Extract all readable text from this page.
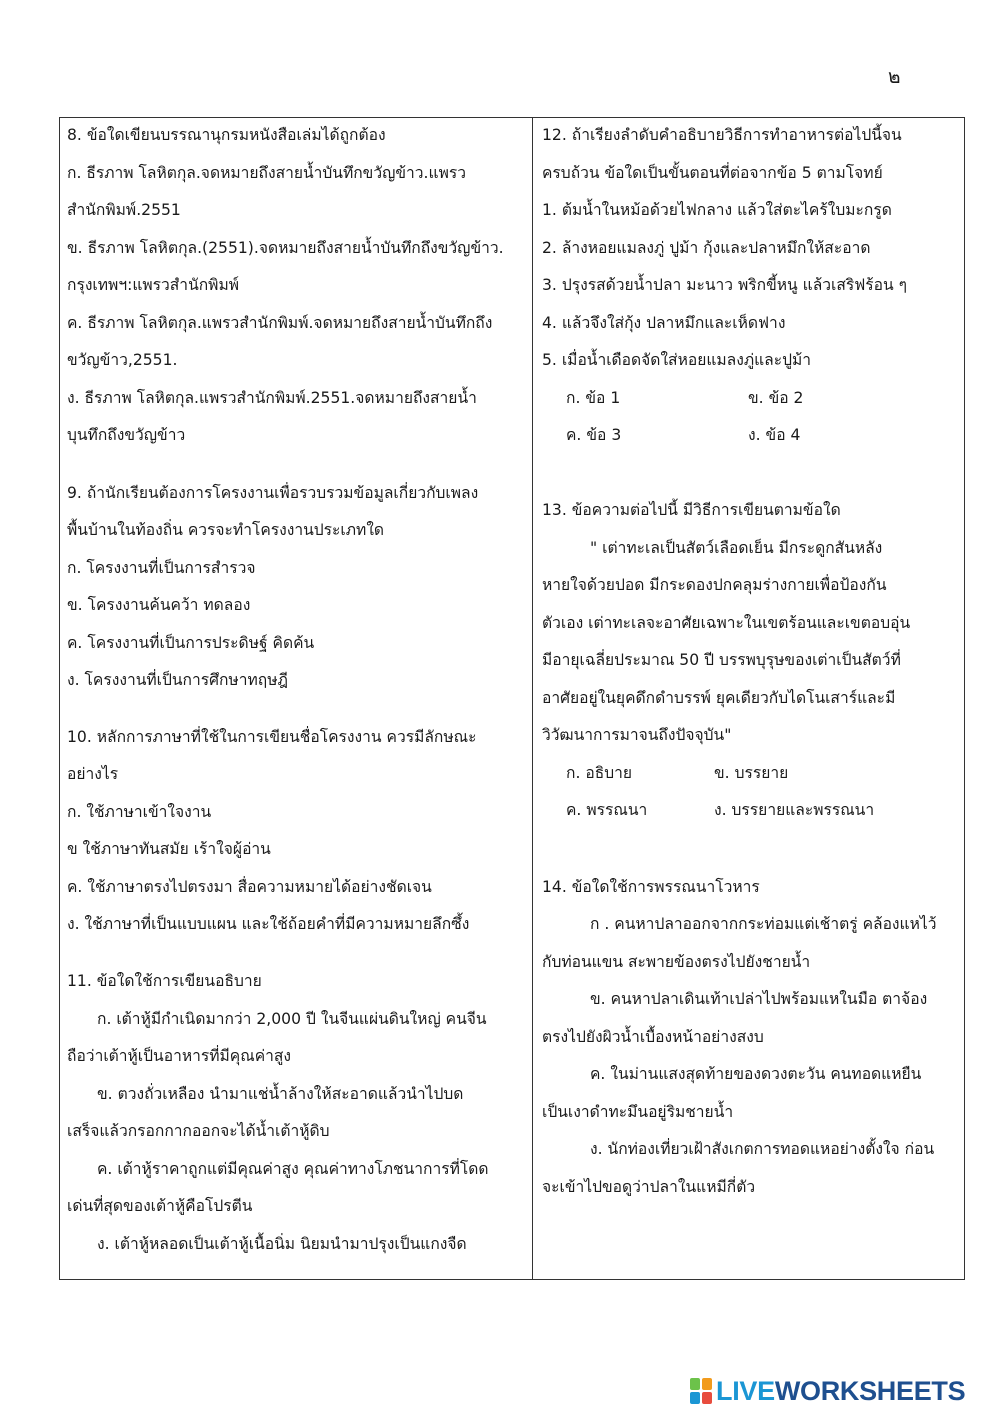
๒
8. ข้อใดเขียนบรรณานุกรมหนังสือเล่มได้ถูกต้อง
ก. ธีรภาพ โลหิตกุล.จดหมายถึงสายน้ำบันทึกขวัญข้าว.แพรว
สำนักพิมพ์.2551
ข. ธีรภาพ โลหิตกุล.(2551).จดหมายถึงสายน้ำบันทึกถึงขวัญข้าว.
กรุงเทพฯ:แพรวสำนักพิมพ์
ค. ธีรภาพ โลหิตกุล.แพรวสำนักพิมพ์.จดหมายถึงสายน้ำบันทึกถึง
ขวัญข้าว,2551.
ง. ธีรภาพ โลหิตกุล.แพรวสำนักพิมพ์.2551.จดหมายถึงสายน้ำ
บุนทึกถึงขวัญข้าว
9. ถ้านักเรียนต้องการโครงงานเพื่อรวบรวมข้อมูลเกี่ยวกับเพลง
พื้นบ้านในท้องถิ่น ควรจะทำโครงงานประเภทใด
ก. โครงงานที่เป็นการสำรวจ
ข. โครงงานค้นคว้า ทดลอง
ค. โครงงานที่เป็นการประดิษฐ์ คิดค้น
ง. โครงงานที่เป็นการศึกษาทฤษฎี
10. หลักการภาษาที่ใช้ในการเขียนชื่อโครงงาน ควรมีลักษณะ
อย่างไร
ก. ใช้ภาษาเข้าใจงาน
ข ใช้ภาษาทันสมัย เร้าใจผู้อ่าน
ค. ใช้ภาษาตรงไปตรงมา สื่อความหมายได้อย่างชัดเจน
ง. ใช้ภาษาที่เป็นแบบแผน และใช้ถ้อยคำที่มีความหมายลึกซึ้ง
11. ข้อใดใช้การเขียนอธิบาย
ก. เต้าหู้มีกำเนิดมากว่า 2,000 ปี ในจีนแผ่นดินใหญ่ คนจีน
ถือว่าเต้าหู้เป็นอาหารที่มีคุณค่าสูง
ข. ตวงถั่วเหลือง นำมาแช่น้ำล้างให้สะอาดแล้วนำไปบด
เสร็จแล้วกรอกกากออกจะได้น้ำเต้าหู้ดิบ
ค. เต้าหู้ราคาถูกแต่มีคุณค่าสูง คุณค่าทางโภชนาการที่โดด
เด่นที่สุดของเต้าหู้คือโปรตีน
ง. เต้าหู้หลอดเป็นเต้าหู้เนื้อนิ่ม นิยมนำมาปรุงเป็นแกงจืด
12. ถ้าเรียงลำดับคำอธิบายวิธีการทำอาหารต่อไปนี้จน
ครบถ้วน ข้อใดเป็นขั้นตอนที่ต่อจากข้อ 5 ตามโจทย์
1. ต้มน้ำในหม้อด้วยไฟกลาง แล้วใส่ตะไคร้ใบมะกรูด
2. ล้างหอยแมลงภู่ ปูม้า กุ้งและปลาหมึกให้สะอาด
3. ปรุงรสด้วยน้ำปลา มะนาว พริกขี้หนู แล้วเสริฟร้อน ๆ
4. แล้วจึงใส่กุ้ง ปลาหมึกและเห็ดฟาง
5. เมื่อน้ำเดือดจัดใส่หอยแมลงภู่และปูม้า
ก. ข้อ 1	ข. ข้อ 2
ค. ข้อ 3	ง. ข้อ 4
13. ข้อความต่อไปนี้ มีวิธีการเขียนตามข้อใด
" เต่าทะเลเป็นสัตว์เลือดเย็น มีกระดูกสันหลัง
หายใจด้วยปอด มีกระดองปกคลุมร่างกายเพื่อป้องกัน
ตัวเอง เต่าทะเลจะอาศัยเฉพาะในเขตร้อนและเขตอบอุ่น
มีอายุเฉลี่ยประมาณ 50 ปี บรรพบุรุษของเต่าเป็นสัตว์ที่
อาศัยอยู่ในยุคดึกดำบรรพ์ ยุคเดียวกับไดโนเสาร์และมี
วิวัฒนาการมาจนถึงปัจจุบัน"
ก. อธิบาย	ข. บรรยาย
ค. พรรณนา	ง. บรรยายและพรรณนา
14. ข้อใดใช้การพรรณนาโวหาร
ก . คนหาปลาออกจากกระท่อมแต่เช้าตรู่ คล้องแหไว้
กับท่อนแขน สะพายข้องตรงไปยังชายน้ำ
ข. คนหาปลาเดินเท้าเปล่าไปพร้อมแหในมือ ตาจ้อง
ตรงไปยังผิวน้ำเบื้องหน้าอย่างสงบ
ค. ในม่านแสงสุดท้ายของดวงตะวัน คนทอดแหยืน
เป็นเงาดำทะมึนอยู่ริมชายน้ำ
ง. นักท่องเที่ยวเฝ้าสังเกตการทอดแหอย่างตั้งใจ ก่อน
จะเข้าไปขอดูว่าปลาในแหมีกี่ตัว
LIVEWORKSHEETS
